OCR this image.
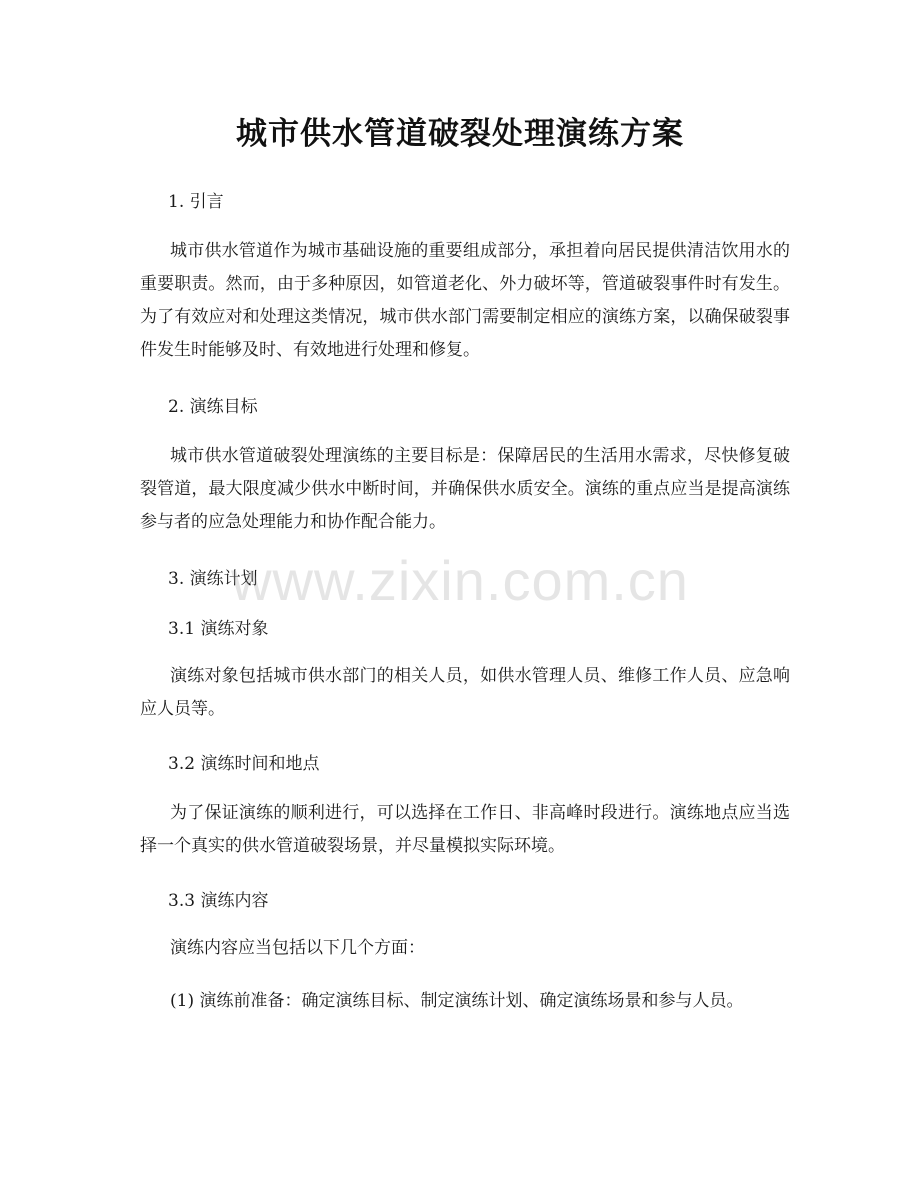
城市供水管道破裂处理演练方案

1. 引言

城市供水管道作为城市基础设施的重要组成部分，承担着向居民提供清洁饮用水的重要职责。然而，由于多种原因，如管道老化、外力破坏等，管道破裂事件时有发生。为了有效应对和处理这类情况，城市供水部门需要制定相应的演练方案，以确保破裂事件发生时能够及时、有效地进行处理和修复。

2. 演练目标

城市供水管道破裂处理演练的主要目标是：保障居民的生活用水需求，尽快修复破裂管道，最大限度减少供水中断时间，并确保供水质安全。演练的重点应当是提高演练参与者的应急处理能力和协作配合能力。

3. 演练计划

3.1 演练对象

演练对象包括城市供水部门的相关人员，如供水管理人员、维修工作人员、应急响应人员等。

3.2 演练时间和地点

为了保证演练的顺利进行，可以选择在工作日、非高峰时段进行。演练地点应当选择一个真实的供水管道破裂场景，并尽量模拟实际环境。

3.3 演练内容

演练内容应当包括以下几个方面：

(1) 演练前准备：确定演练目标、制定演练计划、确定演练场景和参与人员。

www.zixin.com.cn
